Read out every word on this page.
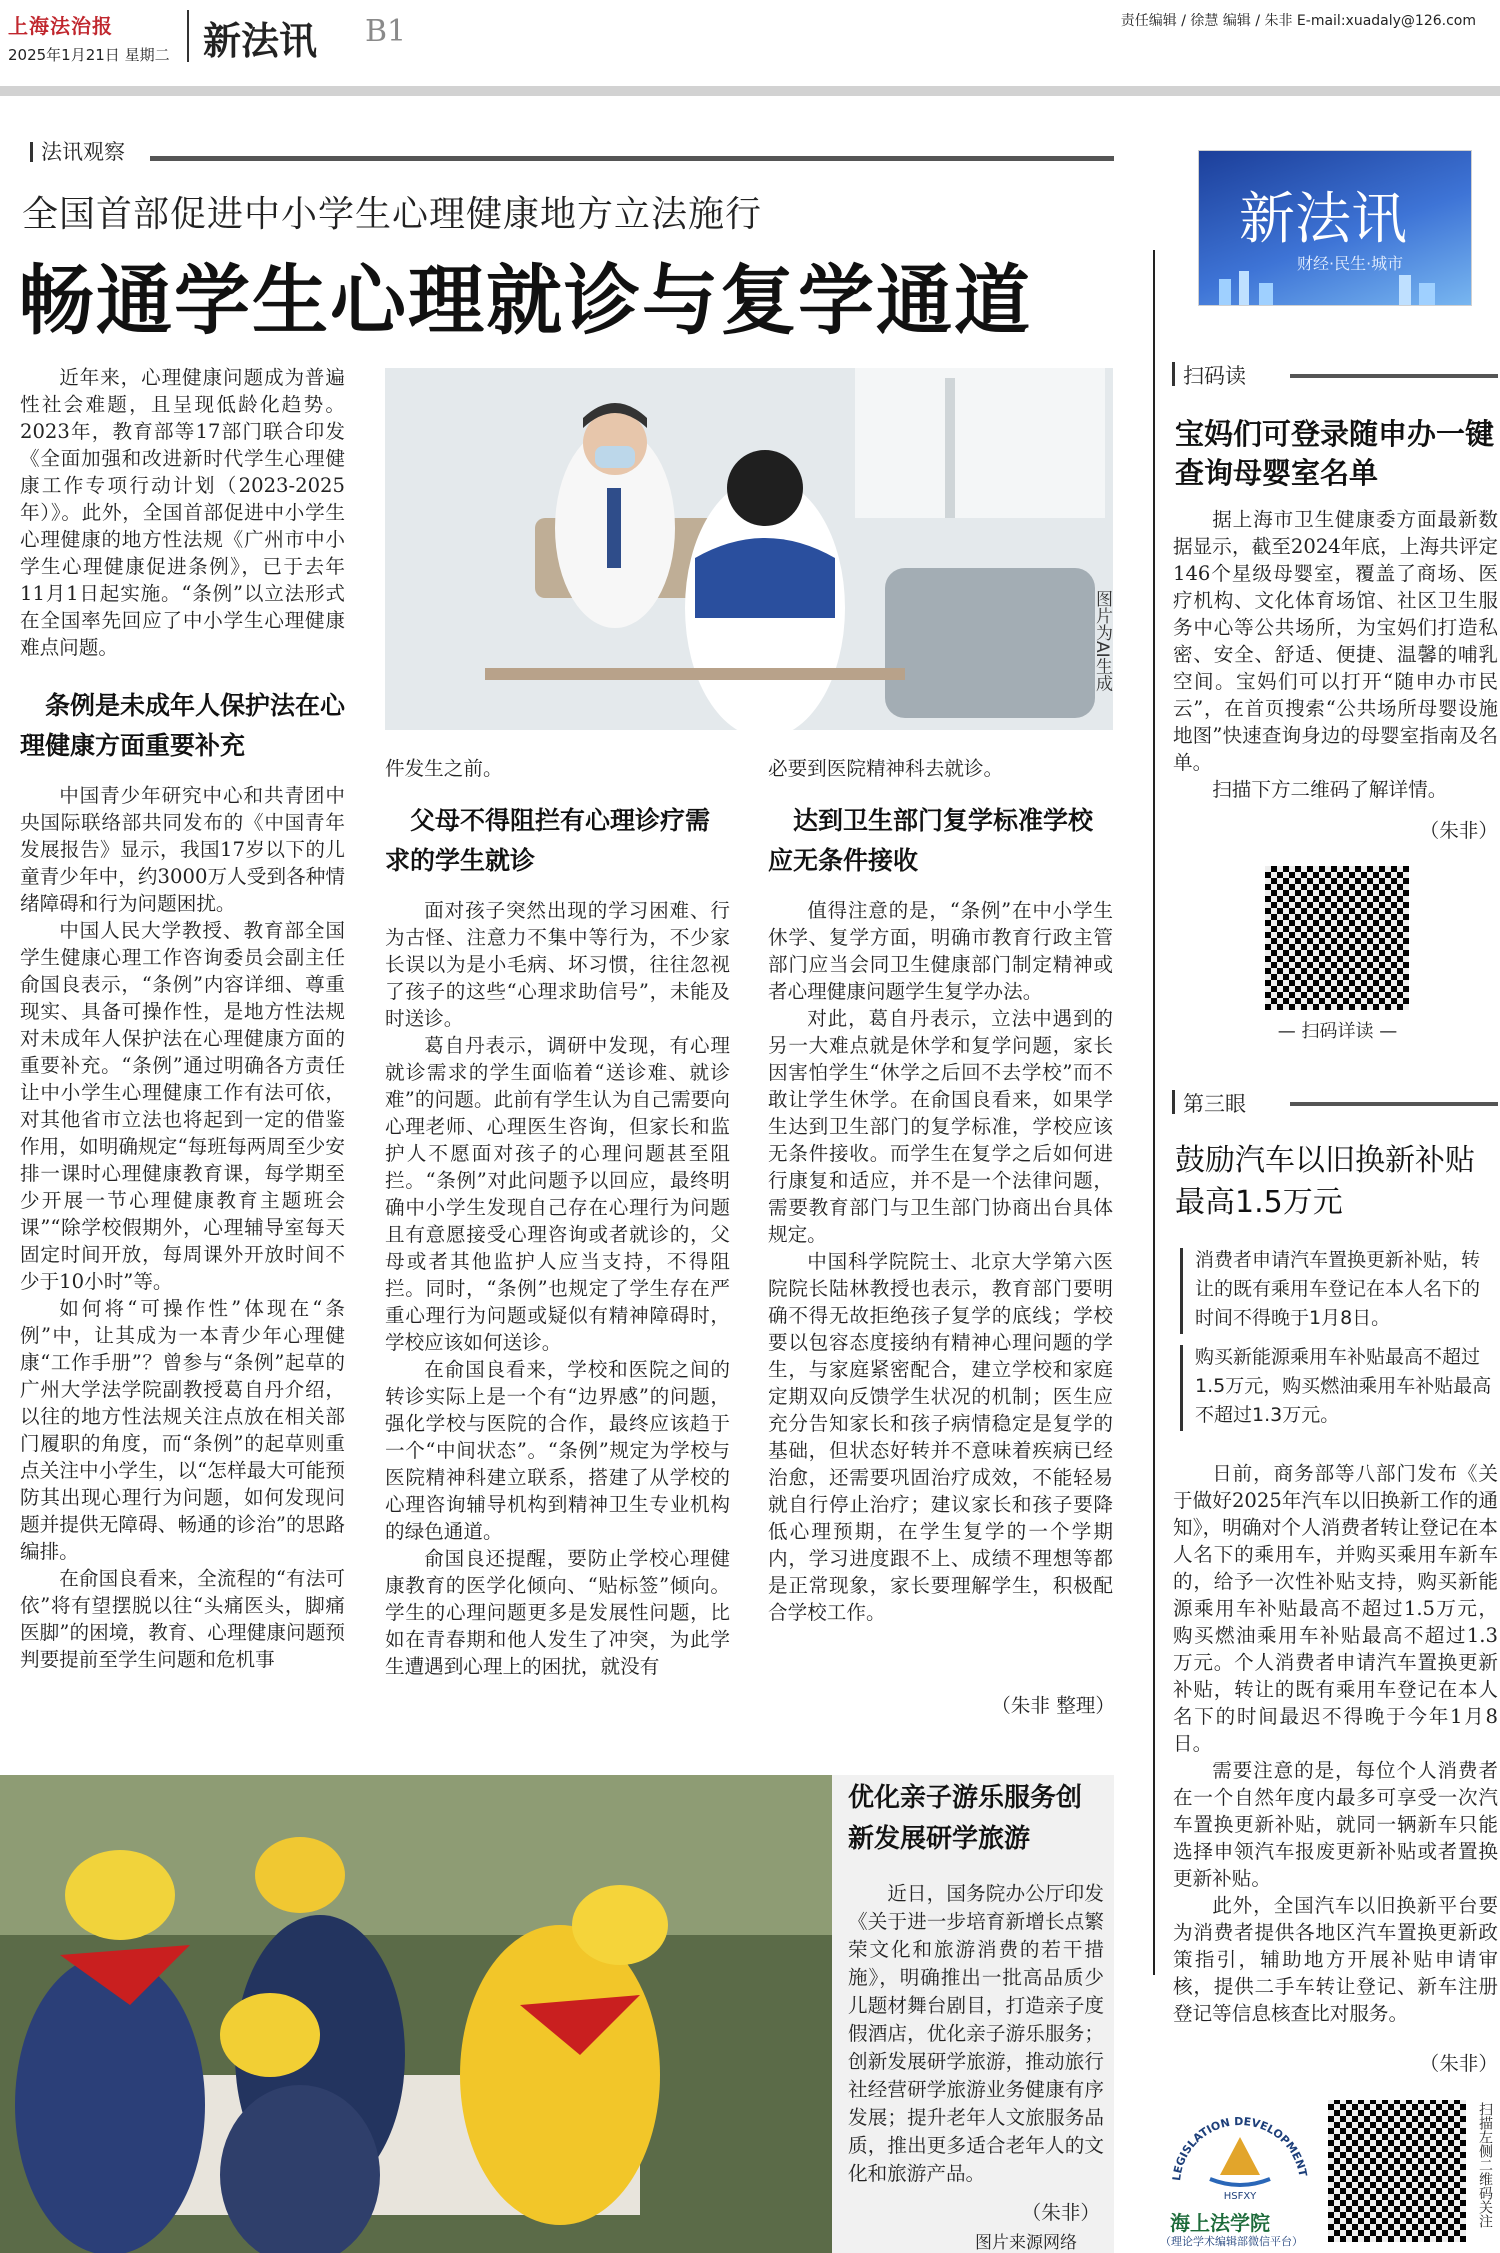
上海法治报
2025年1月21日 星期二 新法讯 B1	责任编辑 / 徐慧 编辑 / 朱非 E-mail:xuadaly@126.com
法讯观察
全国首部促进中小学生心理健康地方立法施行
畅通学生心理就诊与复学通道

近年来，心理健康问题成为普遍性社会难题，且呈现低龄化趋势。2023年，教育部等17部门联合印发《全面加强和改进新时代学生心理健康工作专项行动计划（2023-2025年）》。此外，全国首部促进中小学生心理健康的地方性法规《广州市中小学生心理健康促进条例》，已于去年11月1日起实施。“条例”以立法形式在全国率先回应了中小学生心理健康难点问题。

条例是未成年人保护法在心理健康方面重要补充

中国青少年研究中心和共青团中央国际联络部共同发布的《中国青年发展报告》显示，我国17岁以下的儿童青少年中，约3000万人受到各种情绪障碍和行为问题困扰。

中国人民大学教授、教育部全国学生健康心理工作咨询委员会副主任俞国良表示，“条例”内容详细、尊重现实、具备可操作性，是地方性法规对未成年人保护法在心理健康方面的重要补充。“条例”通过明确各方责任让中小学生心理健康工作有法可依，对其他省市立法也将起到一定的借鉴作用，如明确规定“每班每两周至少安排一课时心理健康教育课，每学期至少开展一节心理健康教育主题班会课”“除学校假期外，心理辅导室每天固定时间开放，每周课外开放时间不少于10小时”等。

如何将“可操作性”体现在“条例”中，让其成为一本青少年心理健康“工作手册”？曾参与“条例”起草的广州大学法学院副教授葛自丹介绍，以往的地方性法规关注点放在相关部门履职的角度，而“条例”的起草则重点关注中小学生，以“怎样最大可能预防其出现心理行为问题，如何发现问题并提供无障碍、畅通的诊治”的思路编排。

在俞国良看来，全流程的“有法可依”将有望摆脱以往“头痛医头，脚痛医脚”的困境，教育、心理健康问题预判要提前至学生问题和危机事

图片为AI生成
件发生之前。
父母不得阻拦有心理诊疗需求的学生就诊

面对孩子突然出现的学习困难、行为古怪、注意力不集中等行为，不少家长误以为是小毛病、坏习惯，往往忽视了孩子的这些“心理求助信号”，未能及时送诊。

葛自丹表示，调研中发现，有心理就诊需求的学生面临着“送诊难、就诊难”的问题。此前有学生认为自己需要向心理老师、心理医生咨询，但家长和监护人不愿面对孩子的心理问题甚至阻拦。“条例”对此问题予以回应，最终明确中小学生发现自己存在心理行为问题且有意愿接受心理咨询或者就诊的，父母或者其他监护人应当支持，不得阻拦。同时，“条例”也规定了学生存在严重心理行为问题或疑似有精神障碍时，学校应该如何送诊。

在俞国良看来，学校和医院之间的转诊实际上是一个有“边界感”的问题，强化学校与医院的合作，最终应该趋于一个“中间状态”。“条例”规定为学校与医院精神科建立联系，搭建了从学校的心理咨询辅导机构到精神卫生专业机构的绿色通道。

俞国良还提醒，要防止学校心理健康教育的医学化倾向、“贴标签”倾向。学生的心理问题更多是发展性问题，比如在青春期和他人发生了冲突，为此学生遭遇到心理上的困扰，就没有

必要到医院精神科去就诊。
达到卫生部门复学标准学校应无条件接收

值得注意的是，“条例”在中小学生休学、复学方面，明确市教育行政主管部门应当会同卫生健康部门制定精神或者心理健康问题学生复学办法。

对此，葛自丹表示，立法中遇到的另一大难点就是休学和复学问题，家长因害怕学生“休学之后回不去学校”而不敢让学生休学。在俞国良看来，如果学生达到卫生部门的复学标准，学校应该无条件接收。而学生在复学之后如何进行康复和适应，并不是一个法律问题，需要教育部门与卫生部门协商出台具体规定。

中国科学院院士、北京大学第六医院院长陆林教授也表示，教育部门要明确不得无故拒绝孩子复学的底线；学校要以包容态度接纳有精神心理问题的学生，与家庭紧密配合，建立学校和家庭定期双向反馈学生状况的机制；医生应充分告知家长和孩子病情稳定是复学的基础，但状态好转并不意味着疾病已经治愈，还需要巩固治疗成效，不能轻易就自行停止治疗；建议家长和孩子要降低心理预期，在学生复学的一个学期内，学习进度跟不上、成绩不理想等都是正常现象，家长要理解学生，积极配合学校工作。

（朱非 整理）
优化亲子游乐服务创新发展研学旅游

近日，国务院办公厅印发《关于进一步培育新增长点繁荣文化和旅游消费的若干措施》，明确推出一批高品质少儿题材舞台剧目，打造亲子度假酒店，优化亲子游乐服务；创新发展研学旅游，推动旅行社经营研学旅游业务健康有序发展；提升老年人文旅服务品质，推出更多适合老年人的文化和旅游产品。

（朱非）
图片来源网络
新法讯
财经·民生·城市
扫码读
宝妈们可登录随申办一键查询母婴室名单

据上海市卫生健康委方面最新数据显示，截至2024年底，上海共评定146个星级母婴室，覆盖了商场、医疗机构、文化体育场馆、社区卫生服务中心等公共场所，为宝妈们打造私密、安全、舒适、便捷、温馨的哺乳空间。宝妈们可以打开“随申办市民云”，在首页搜索“公共场所母婴设施地图”快速查询身边的母婴室指南及名单。

扫描下方二维码了解详情。

（朱非）
— 扫码详读 —
第三眼
鼓励汽车以旧换新补贴最高1.5万元
消费者申请汽车置换更新补贴，转让的既有乘用车登记在本人名下的时间不得晚于1月8日。
购买新能源乘用车补贴最高不超过1.5万元，购买燃油乘用车补贴最高不超过1.3万元。

日前，商务部等八部门发布《关于做好2025年汽车以旧换新工作的通知》，明确对个人消费者转让登记在本人名下的乘用车，并购买乘用车新车的，给予一次性补贴支持，购买新能源乘用车补贴最高不超过1.5万元，购买燃油乘用车补贴最高不超过1.3万元。个人消费者申请汽车置换更新补贴，转让的既有乘用车登记在本人名下的时间最迟不得晚于今年1月8日。

需要注意的是，每位个人消费者在一个自然年度内最多可享受一次汽车置换更新补贴，就同一辆新车只能选择申领汽车报废更新补贴或者置换更新补贴。

此外，全国汽车以旧换新平台要为消费者提供各地区汽车置换更新政策指引，辅助地方开展补贴申请审核，提供二手车转让登记、新车注册登记等信息核查比对服务。

（朱非）
LEGISLATION DEVELOPMENT
HSFXY
海上法学院
（理论学术编辑部微信平台）
扫描左侧二维码关注
